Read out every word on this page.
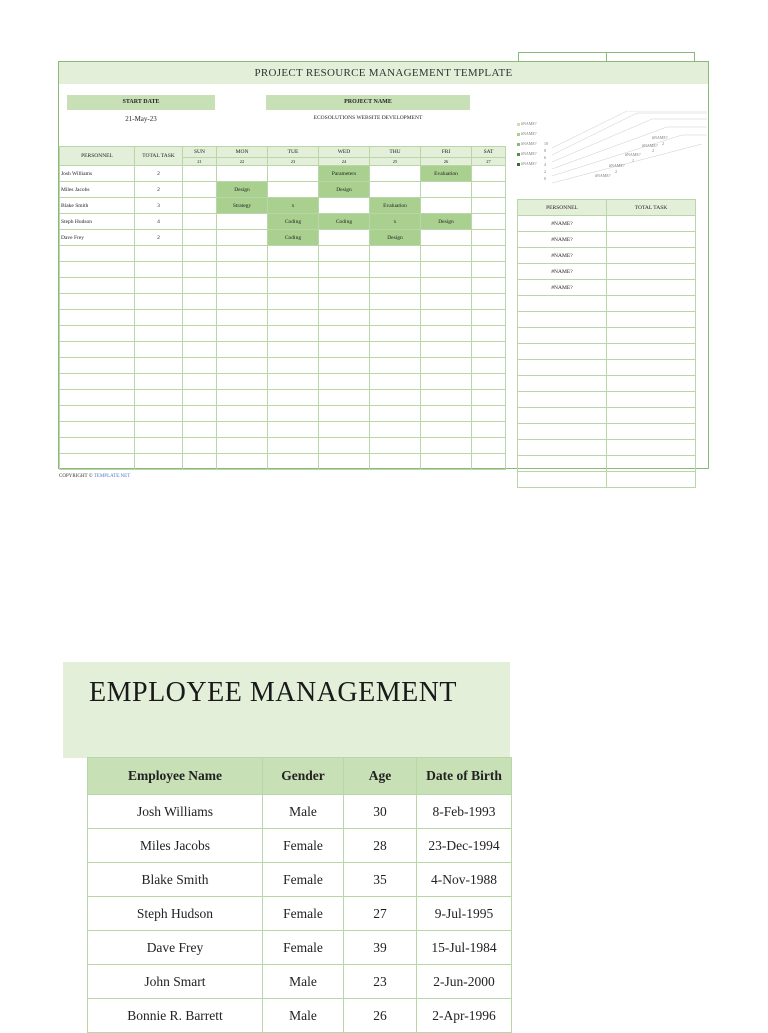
PROJECT RESOURCE MANAGEMENT TEMPLATE
START DATE
21-May-23
PROJECT NAME
ECOSOLUTIONS WEBSITE DEVELOPMENT
PERSONNEL	TOTAL TASK	SUN	MON	TUE	WED	THU	FRI	SAT
		21	22	23	24	25	26	27
Josh Williams	2				Parameters		Evaluation	
Miles Jacobs	2		Design		Design			
Blake Smith	3		Strategy	x		Evaluation		
Steph Hudson	4			Coding	Coding	x	Design	
Dave Frey	2			Coding		Design		

#NAME?
#NAME?
#NAME?
#NAME?
#NAME?
10
8
6
4
2
0
#NAME?
2
#NAME?
2
#NAME?
1
#NAME?
2
#NAME?
PERSONNEL	TOTAL TASK
#NAME?	
#NAME?	
#NAME?	
#NAME?	
#NAME?	

COPYRIGHT © TEMPLATE.NET
EMPLOYEE MANAGEMENT
Employee Name	Gender	Age	Date of Birth
Josh Williams	Male	30	8-Feb-1993
Miles Jacobs	Female	28	23-Dec-1994
Blake Smith	Female	35	4-Nov-1988
Steph Hudson	Female	27	9-Jul-1995
Dave Frey	Female	39	15-Jul-1984
John Smart	Male	23	2-Jun-2000
Bonnie R. Barrett	Male	26	2-Apr-1996
